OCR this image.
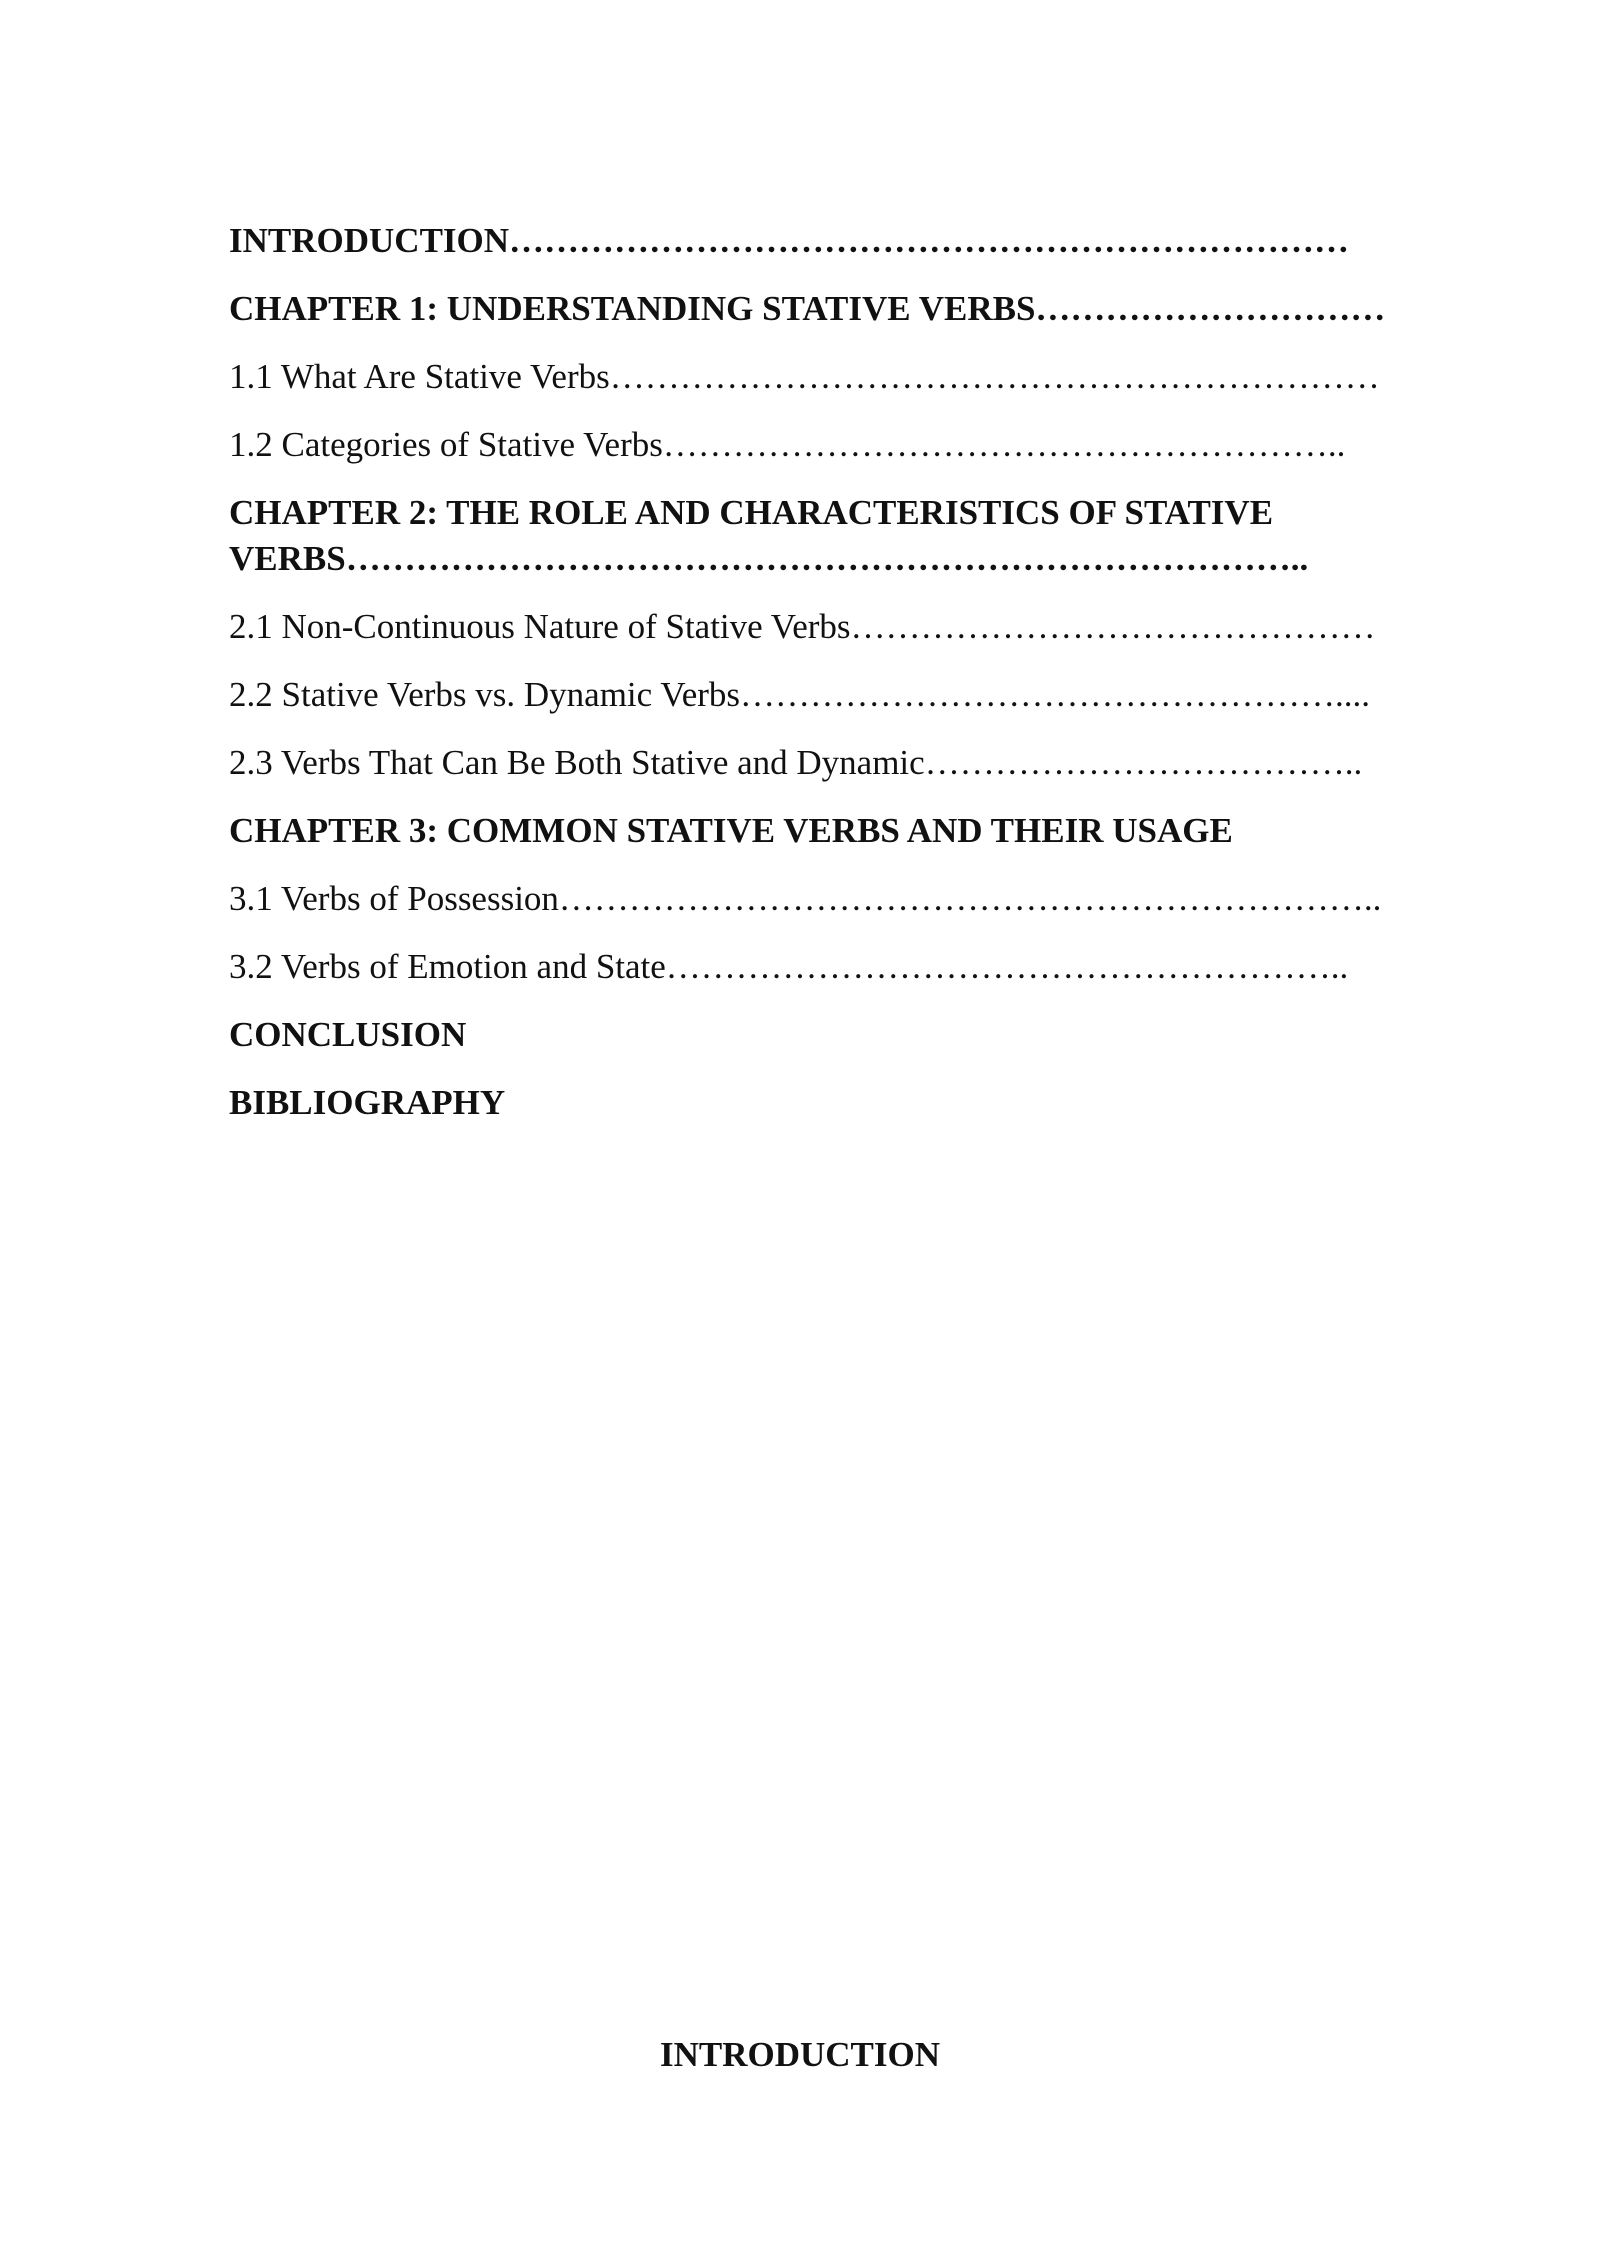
INTRODUCTION………………………………………………………………
CHAPTER 1: UNDERSTANDING STATIVE VERBS…………………………
1.1 What Are Stative Verbs…………………………………………………………
1.2 Categories of Stative Verbs…………………………………………………..
CHAPTER 2: THE ROLE AND CHARACTERISTICS OF STATIVE VERBS………………………………………………………………………..
2.1 Non-Continuous Nature of Stative Verbs………………………………………
2.2 Stative Verbs vs. Dynamic Verbs……………………………………………....
2.3 Verbs That Can Be Both Stative and Dynamic………………………………..
CHAPTER 3: COMMON STATIVE VERBS AND THEIR USAGE
3.1 Verbs of Possession……………………………………………………………..
3.2 Verbs of Emotion and State…………………………………………………..
CONCLUSION
BIBLIOGRAPHY
INTRODUCTION
